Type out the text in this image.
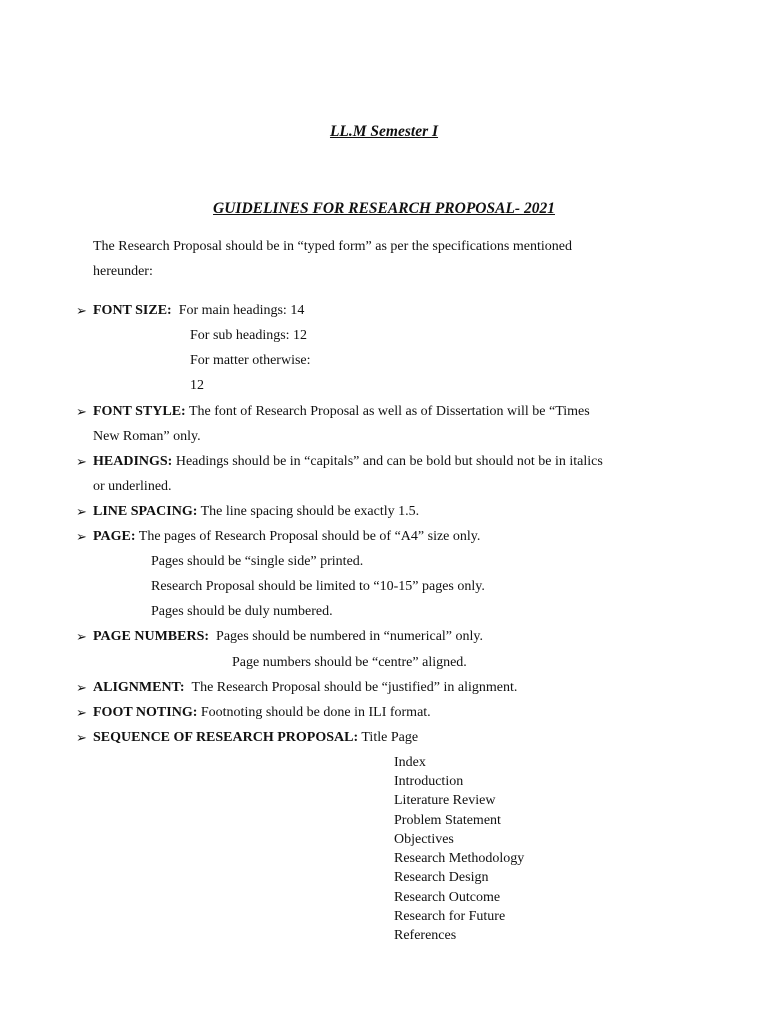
LL.M Semester I
GUIDELINES FOR RESEARCH PROPOSAL- 2021
The Research Proposal should be in “typed form” as per the specifications mentioned
hereunder:
➢ FONT SIZE: For main headings: 14
For sub headings: 12
For matter otherwise:
12
➢ FONT STYLE: The font of Research Proposal as well as of Dissertation will be “Times
New Roman” only.
➢ HEADINGS: Headings should be in “capitals” and can be bold but should not be in italics
or underlined.
➢ LINE SPACING: The line spacing should be exactly 1.5.
➢ PAGE: The pages of Research Proposal should be of “A4” size only.
Pages should be “single side” printed.
Research Proposal should be limited to “10-15” pages only.
Pages should be duly numbered.
➢ PAGE NUMBERS: Pages should be numbered in “numerical” only.
Page numbers should be “centre” aligned.
➢ ALIGNMENT: The Research Proposal should be “justified” in alignment.
➢ FOOT NOTING: Footnoting should be done in ILI format.
➢ SEQUENCE OF RESEARCH PROPOSAL: Title Page
Index
Introduction
Literature Review
Problem Statement
Objectives
Research Methodology
Research Design
Research Outcome
Research for Future
References
